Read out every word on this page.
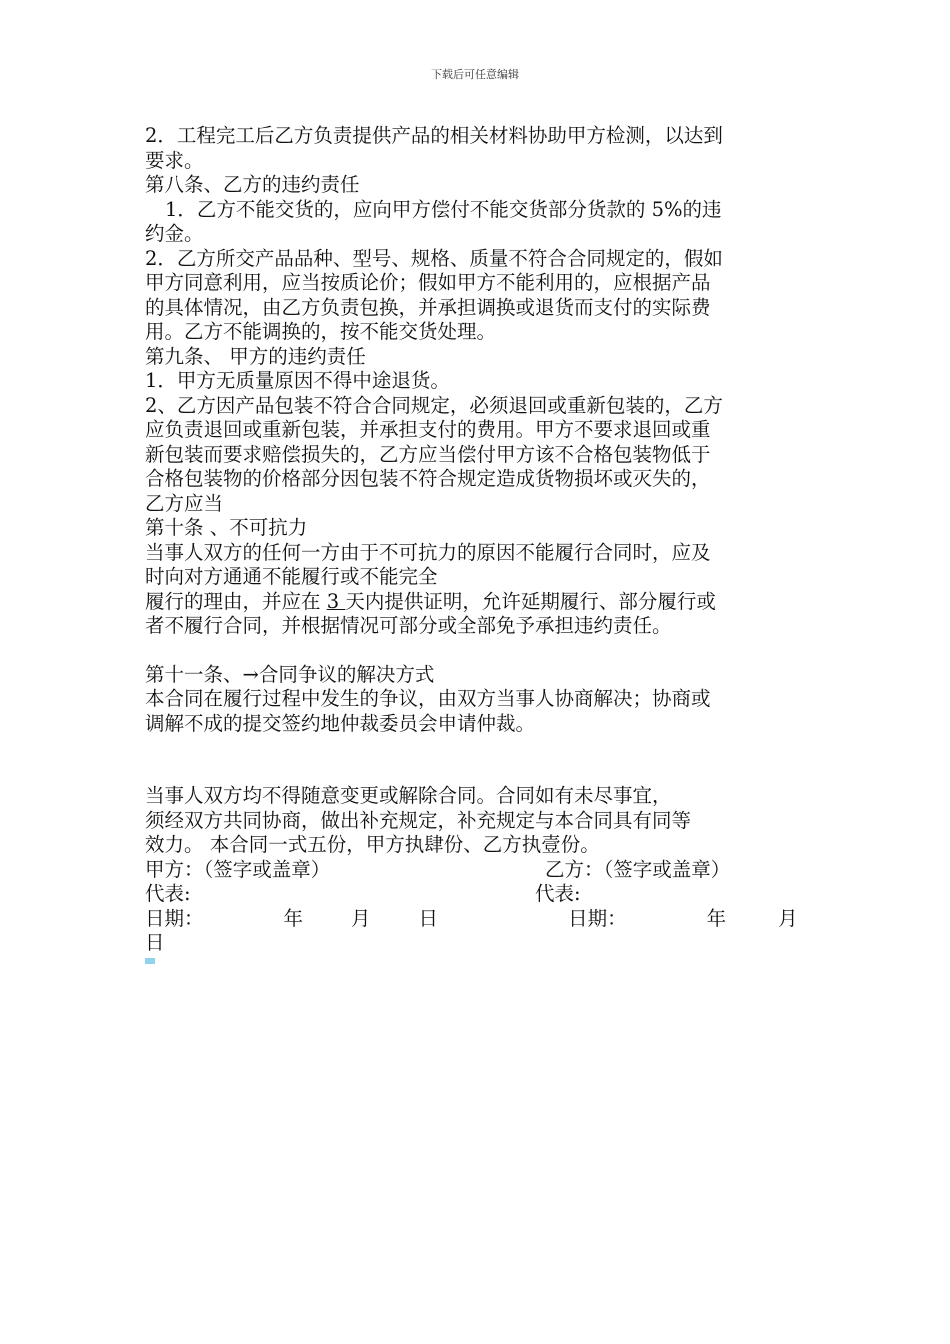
下载后可任意编辑

2．工程完工后乙方负责提供产品的相关材料协助甲方检测，以达到

要求。

第八条、乙方的违约责任

1．乙方不能交货的，应向甲方偿付不能交货部分货款的 5%的违

约金。

2．乙方所交产品品种、型号、规格、质量不符合合同规定的，假如

甲方同意利用，应当按质论价；假如甲方不能利用的，应根据产品

的具体情况，由乙方负责包换，并承担调换或退货而支付的实际费

用。乙方不能调换的，按不能交货处理。

第九条、 甲方的违约责任

1．甲方无质量原因不得中途退货。

2、乙方因产品包装不符合合同规定，必须退回或重新包装的，乙方

应负责退回或重新包装，并承担支付的费用。甲方不要求退回或重

新包装而要求赔偿损失的，乙方应当偿付甲方该不合格包装物低于

合格包装物的价格部分因包装不符合规定造成货物损坏或灭失的，

乙方应当

第十条 、不可抗力

当事人双方的任何一方由于不可抗力的原因不能履行合同时，应及

时向对方通通不能履行或不能完全

履行的理由，并应在 3 天内提供证明，允许延期履行、部分履行或

者不履行合同，并根据情况可部分或全部免予承担违约责任。

第十一条、→合同争议的解决方式

本合同在履行过程中发生的争议，由双方当事人协商解决；协商或

调解不成的提交签约地仲裁委员会申请仲裁。

当事人双方均不得随意变更或解除合同。合同如有未尽事宜，

须经双方共同协商，做出补充规定，补充规定与本合同具有同等

效力。 本合同一式五份，甲方执肆份、乙方执壹份。

甲方：（签字或盖章）	乙方：（签字或盖章）
代表:	代表:
日期：	年 月 日	日期：	年	月

日
